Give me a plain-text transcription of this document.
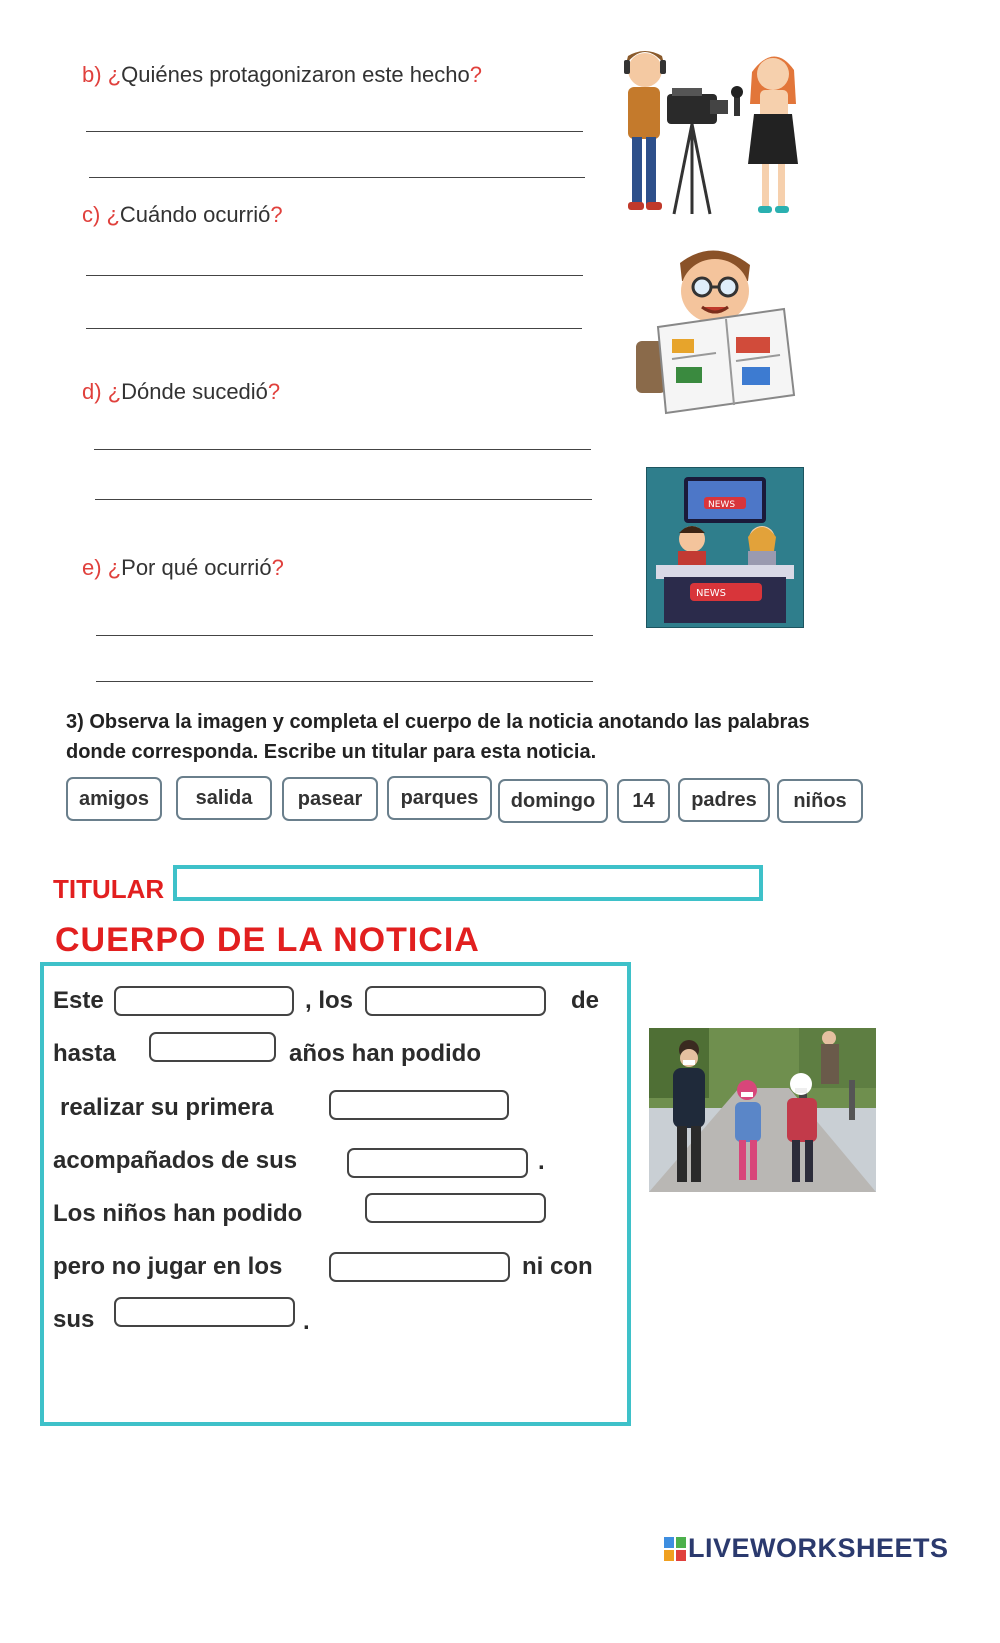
b) ¿Quiénes protagonizaron este hecho?
c) ¿Cuándo ocurrió?
d) ¿Dónde sucedió?
e) ¿Por qué ocurrió?
NEWS
NEWS
3) Observa la imagen y completa el cuerpo de la noticia anotando las palabras donde corresponda. Escribe un titular para esta noticia.
amigos	salida	pasear	parques	domingo	14	padres	niños
TITULAR
CUERPO DE LA NOTICIA
Este	, los	de
hasta	años han podido
realizar su primera
acompañados de sus	.
Los niños han podido
pero no jugar en los	ni con
sus	.
LIVEWORKSHEETS
